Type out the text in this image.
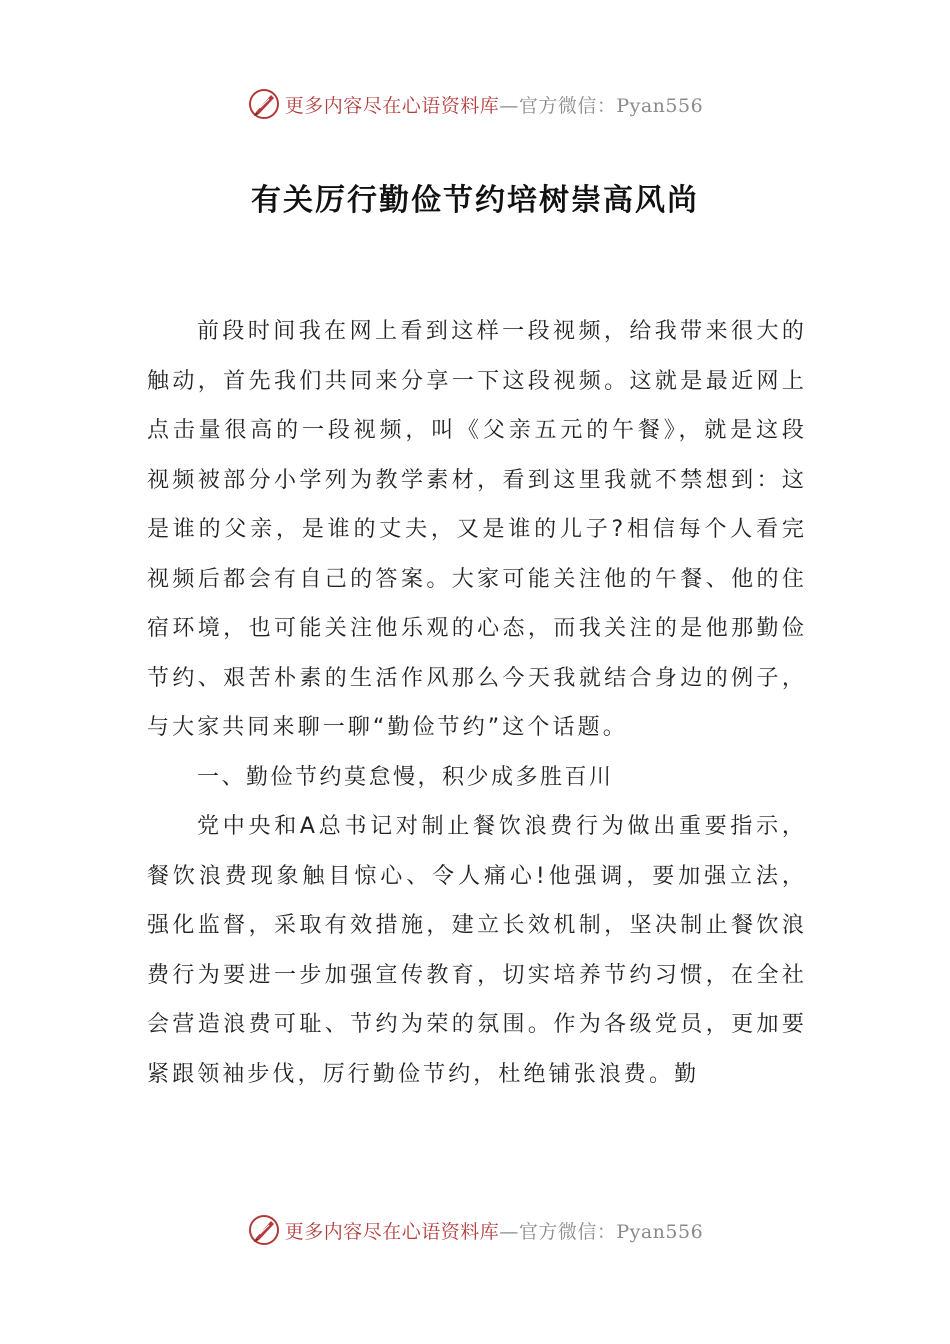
更多内容尽在心语资料库—官方微信：Pyan556
有关厉行勤俭节约培树崇高风尚

前段时间我在网上看到这样一段视频，给我带来很大的触动，首先我们共同来分享一下这段视频。这就是最近网上点击量很高的一段视频，叫《父亲五元的午餐》，就是这段视频被部分小学列为教学素材，看到这里我就不禁想到：这是谁的父亲，是谁的丈夫，又是谁的儿子?相信每个人看完视频后都会有自己的答案。大家可能关注他的午餐、他的住宿环境，也可能关注他乐观的心态，而我关注的是他那勤俭节约、艰苦朴素的生活作风那么今天我就结合身边的例子，与大家共同来聊一聊“勤俭节约”这个话题。

一、勤俭节约莫怠慢，积少成多胜百川

党中央和A总书记对制止餐饮浪费行为做出重要指示，餐饮浪费现象触目惊心、令人痛心!他强调，要加强立法，强化监督，采取有效措施，建立长效机制，坚决制止餐饮浪费行为要进一步加强宣传教育，切实培养节约习惯，在全社会营造浪费可耻、节约为荣的氛围。作为各级党员，更加要紧跟领袖步伐，厉行勤俭节约，杜绝铺张浪费。勤

更多内容尽在心语资料库—官方微信：Pyan556
